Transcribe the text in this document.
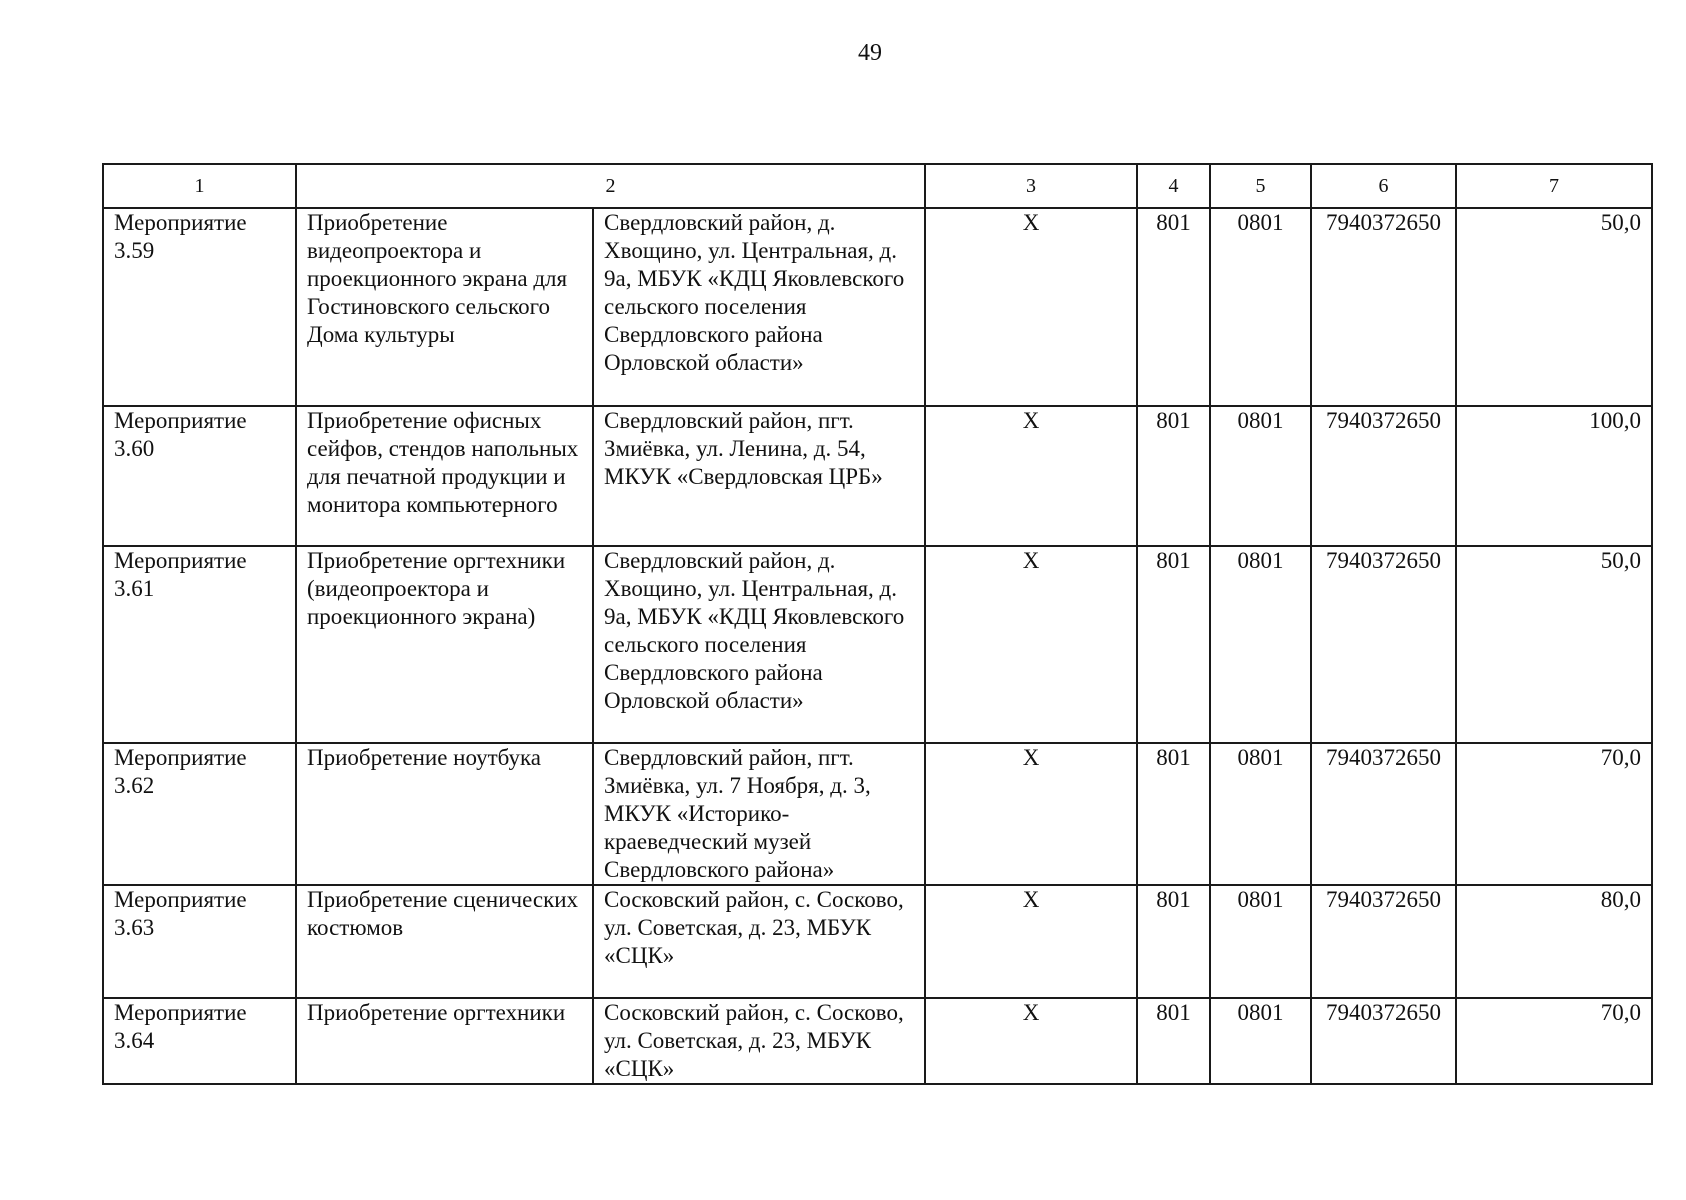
49
1	2		3	4	5	6	7

Мероприятие
3.59	Приобретение видеопроектора и проекционного экрана для Гостиновского сельского Дома культуры	Свердловский район, д. Хвощино, ул. Центральная, д. 9а, МБУК «КДЦ Яковлевского сельского поселения Свердловского района Орловской области»	Х	801	0801	7940372650	50,0

Мероприятие
3.60	Приобретение офисных сейфов, стендов напольных для печатной продукции и монитора компьютерного	Свердловский район, пгт. Змиёвка, ул. Ленина, д. 54, МКУК «Свердловская ЦРБ»	Х	801	0801	7940372650	100,0

Мероприятие
3.61	Приобретение оргтехники (видеопроектора и проекционного экрана)	Свердловский район, д. Хвощино, ул. Центральная, д. 9а, МБУК «КДЦ Яковлевского сельского поселения Свердловского района Орловской области»	Х	801	0801	7940372650	50,0

Мероприятие
3.62	Приобретение ноутбука	Свердловский район, пгт. Змиёвка, ул. 7 Ноября, д. 3, МКУК «Историко-краеведческий музей Свердловского района»	Х	801	0801	7940372650	70,0

Мероприятие
3.63	Приобретение сценических костюмов	Сосковский район, с. Сосково, ул. Советская, д. 23, МБУК «СЦК»	Х	801	0801	7940372650	80,0

Мероприятие
3.64	Приобретение оргтехники	Сосковский район, с. Сосково, ул. Советская, д. 23, МБУК «СЦК»	Х	801	0801	7940372650	70,0
